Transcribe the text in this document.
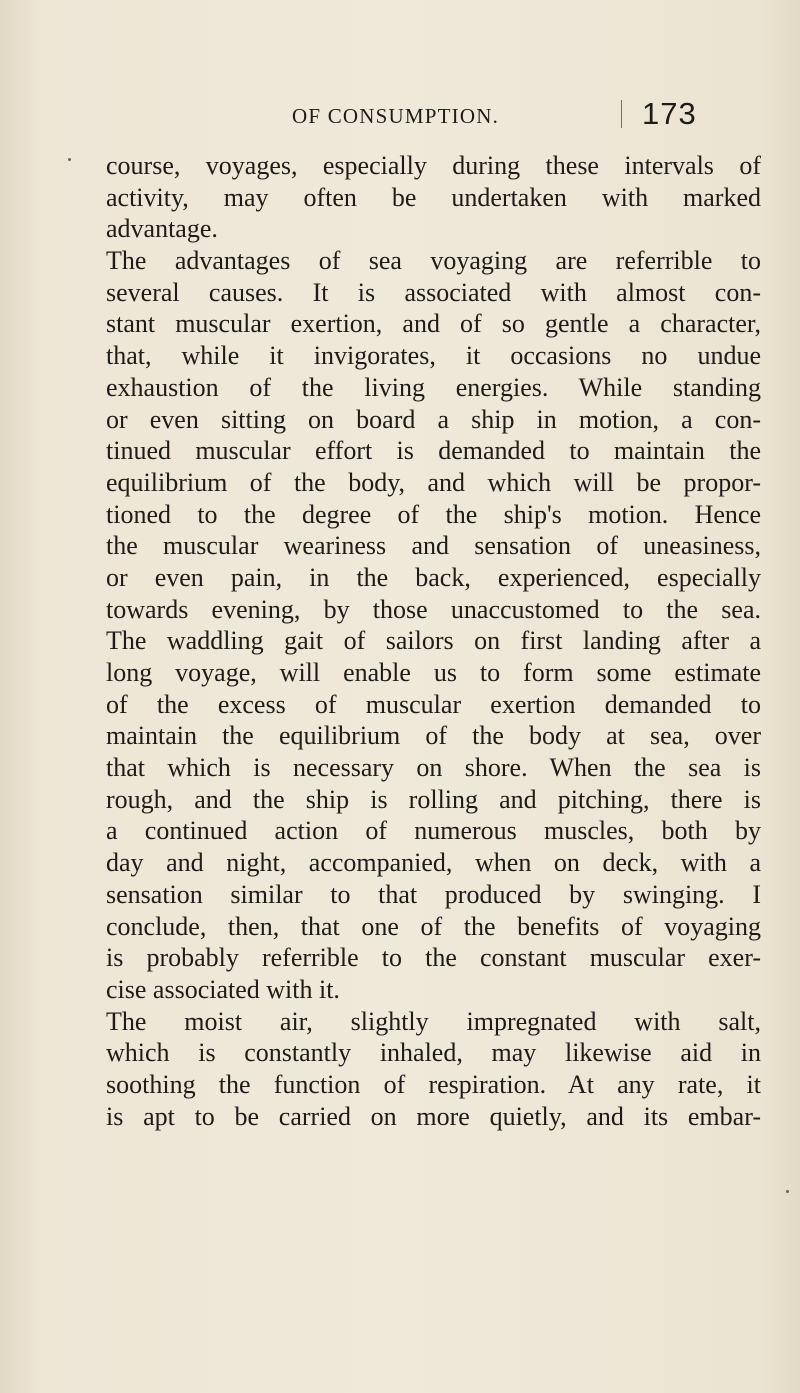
OF CONSUMPTION.	173
course, voyages, especially during these intervals of
activity, may often be undertaken with marked
advantage.
The advantages of sea voyaging are referrible to
several causes. It is associated with almost con-
stant muscular exertion, and of so gentle a character,
that, while it invigorates, it occasions no undue
exhaustion of the living energies. While standing
or even sitting on board a ship in motion, a con-
tinued muscular effort is demanded to maintain the
equilibrium of the body, and which will be propor-
tioned to the degree of the ship's motion. Hence
the muscular weariness and sensation of uneasiness,
or even pain, in the back, experienced, especially
towards evening, by those unaccustomed to the sea.
The waddling gait of sailors on first landing after a
long voyage, will enable us to form some estimate
of the excess of muscular exertion demanded to
maintain the equilibrium of the body at sea, over
that which is necessary on shore. When the sea is
rough, and the ship is rolling and pitching, there is
a continued action of numerous muscles, both by
day and night, accompanied, when on deck, with a
sensation similar to that produced by swinging. I
conclude, then, that one of the benefits of voyaging
is probably referrible to the constant muscular exer-
cise associated with it.
The moist air, slightly impregnated with salt,
which is constantly inhaled, may likewise aid in
soothing the function of respiration. At any rate, it
is apt to be carried on more quietly, and its embar-
